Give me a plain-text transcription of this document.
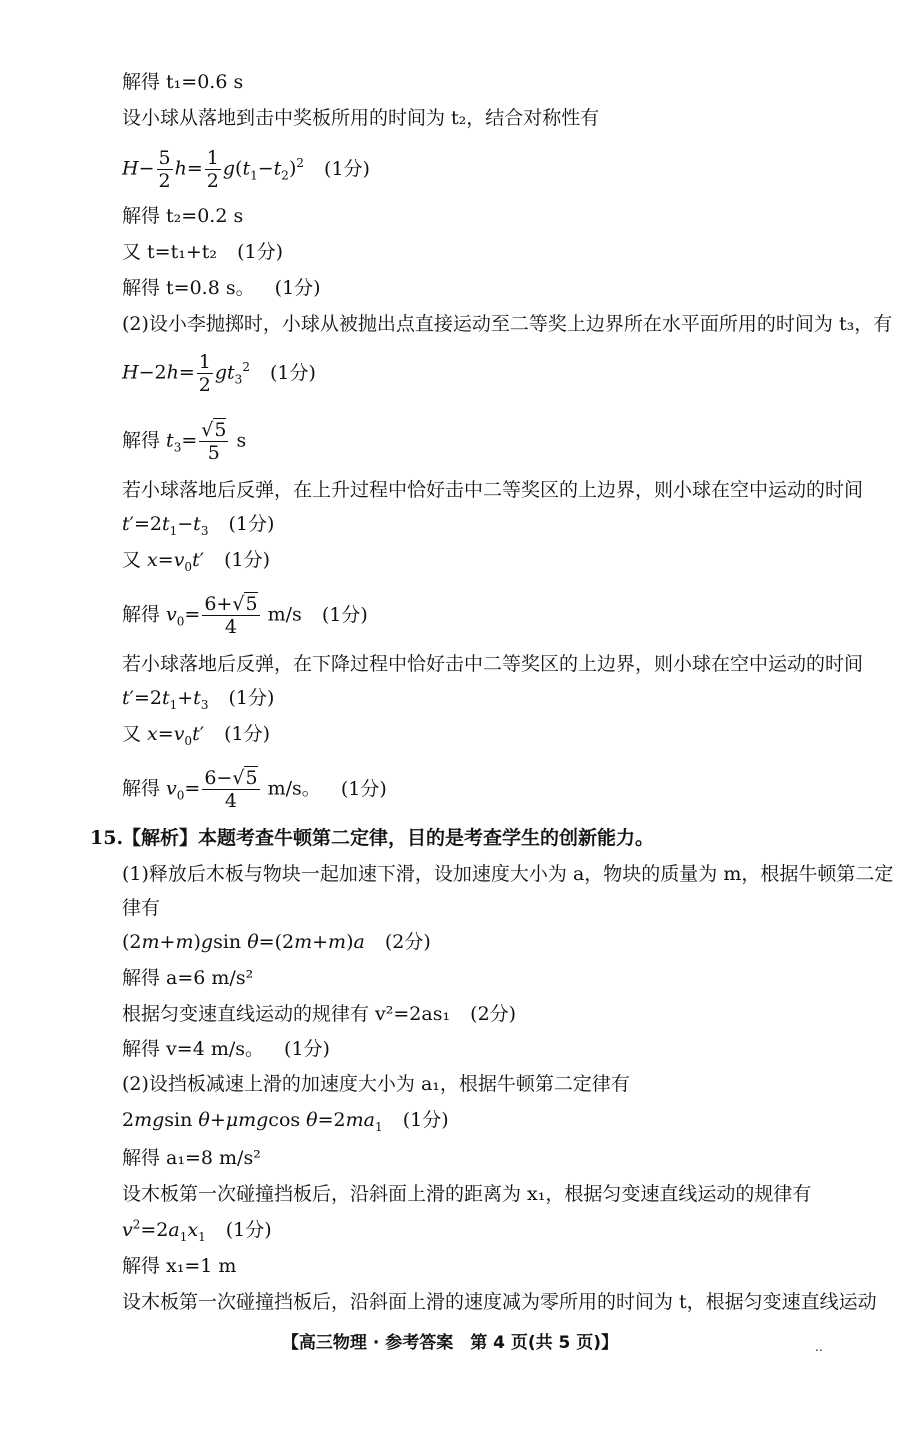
解得 t₁=0.6 s
设小球从落地到击中奖板所用的时间为 t₂，结合对称性有
$H- \frac{5}{2} h= \frac{1}{2} g(t_1-t_2)^2$ (1分)
解得 t₂=0.2 s
又 t=t₁+t₂ (1分)
解得 t=0.8 s。 (1分)
(2)设小李抛掷时，小球从被抛出点直接运动至二等奖上边界所在水平面所用的时间为 t₃，有
$H-2h= \frac{1}{2} gt_3^2$ (1分)
解得 $t_3= \frac{√5}{5}$ s
若小球落地后反弹，在上升过程中恰好击中二等奖区的上边界，则小球在空中运动的时间
$t'=2t_1-t_3$ (1分)
又 $x=v_0t'$ (1分)
解得 $v_0= \frac{6+√5}{4} m/s$ (1分)
若小球落地后反弹，在下降过程中恰好击中二等奖区的上边界，则小球在空中运动的时间
$t'=2t_1+t_3$ (1分)
又 $x=v_0t'$ (1分)
解得 $v_0= \frac{6-√5}{4} m/s$。 (1分)
15.
【解析】本题考查牛顿第二定律，目的是考查学生的创新能力。
(1)释放后木板与物块一起加速下滑，设加速度大小为 a，物块的质量为 m，根据牛顿第二定
律有
(2m+m)gsin θ=(2m+m)a (2分)
解得 a=6 m/s²
根据匀变速直线运动的规律有 v²=2as₁ (2分)
解得 v=4 m/s。 (1分)
(2)设挡板减速上滑的加速度大小为 a₁，根据牛顿第二定律有
2mgsin θ+μmgcos $\theta=2ma_1$ (1分)
解得 a₁=8 m/s²
设木板第一次碰撞挡板后，沿斜面上滑的距离为 x₁，根据匀变速直线运动的规律有
$v^2=2a_1x_1$ (1分)
解得 x₁=1 m
设木板第一次碰撞挡板后，沿斜面上滑的速度减为零所用的时间为 t，根据匀变速直线运动
【高三物理 · 参考答案　第 4 页(共 5 页)】	..
